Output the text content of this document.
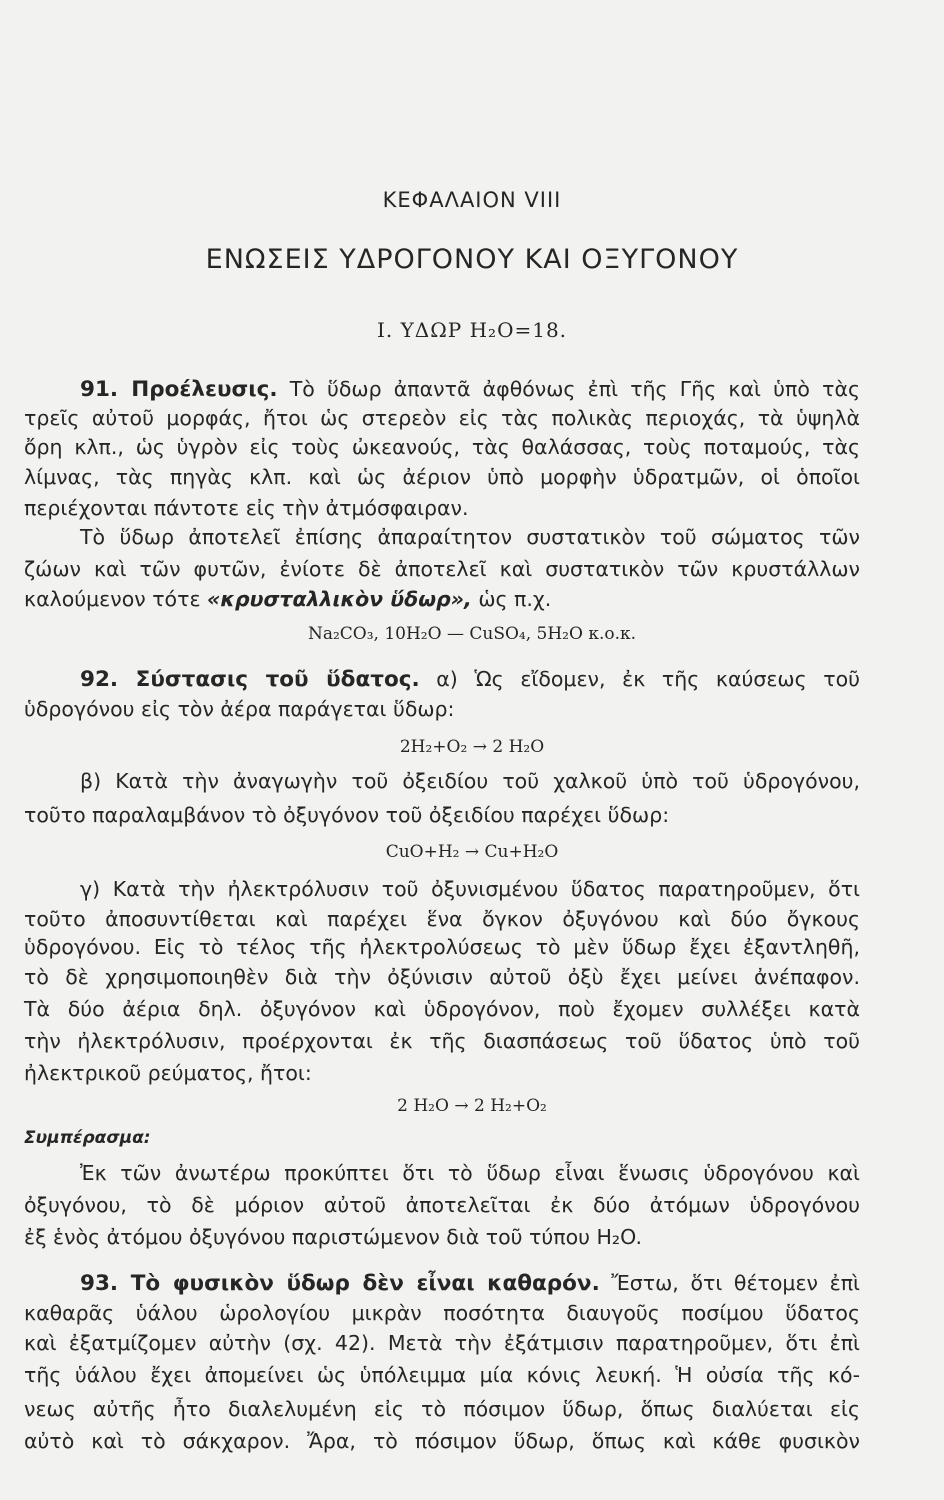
ΚΕΦΑΛΑΙΟΝ VIII
ΕΝΩΣΕΙΣ ΥΔΡΟΓΟΝΟΥ ΚΑΙ ΟΞΥΓΟΝΟΥ
Ι. ΥΔΩΡ H₂O=18.
91. Προέλευσις. Τὸ ὕδωρ ἀπαντᾶ ἀφθόνως ἐπὶ τῆς Γῆς καὶ ὑπὸ τὰς
τρεῖς αὐτοῦ μορφάς, ἤτοι ὡς στερεὸν εἰς τὰς πολικὰς περιοχάς, τὰ ὑψηλὰ
ὄρη κλπ., ὡς ὑγρὸν εἰς τοὺς ὠκεανούς, τὰς θαλάσσας, τοὺς ποταμούς, τὰς
λίμνας, τὰς πηγὰς κλπ. καὶ ὡς ἀέριον ὑπὸ μορφὴν ὑδρατμῶν, οἱ ὁποῖοι
περιέχονται πάντοτε εἰς τὴν ἀτμόσφαιραν.
Τὸ ὕδωρ ἀποτελεῖ ἐπίσης ἀπαραίτητον συστατικὸν τοῦ σώματος τῶν
ζώων καὶ τῶν φυτῶν, ἐνίοτε δὲ ἀποτελεῖ καὶ συστατικὸν τῶν κρυστάλλων
καλούμενον τότε «κρυσταλλικὸν ὕδωρ», ὡς π.χ.
Na₂CO₃, 10H₂O — CuSO₄, 5H₂O κ.ο.κ.
92. Σύστασις τοῦ ὕδατος. α) Ὡς εἴδομεν, ἐκ τῆς καύσεως τοῦ
ὑδρογόνου εἰς τὸν ἀέρα παράγεται ὕδωρ:
2H₂+O₂ → 2 H₂O
β) Κατὰ τὴν ἀναγωγὴν τοῦ ὀξειδίου τοῦ χαλκοῦ ὑπὸ τοῦ ὑδρογόνου,
τοῦτο παραλαμβάνον τὸ ὀξυγόνον τοῦ ὀξειδίου παρέχει ὕδωρ:
CuO+H₂ → Cu+H₂O
γ) Κατὰ τὴν ἠλεκτρόλυσιν τοῦ ὀξυνισμένου ὕδατος παρατηροῦμεν, ὅτι
τοῦτο ἀποσυντίθεται καὶ παρέχει ἕνα ὄγκον ὀξυγόνου καὶ δύο ὄγκους
ὑδρογόνου. Εἰς τὸ τέλος τῆς ἠλεκτρολύσεως τὸ μὲν ὕδωρ ἔχει ἐξαντληθῆ,
τὸ δὲ χρησιμοποιηθὲν διὰ τὴν ὀξύνισιν αὐτοῦ ὀξὺ ἔχει μείνει ἀνέπαφον.
Τὰ δύο ἀέρια δηλ. ὀξυγόνον καὶ ὑδρογόνον, ποὺ ἔχομεν συλλέξει κατὰ
τὴν ἠλεκτρόλυσιν, προέρχονται ἐκ τῆς διασπάσεως τοῦ ὕδατος ὑπὸ τοῦ
ἠλεκτρικοῦ ρεύματος, ἤτοι:
2 H₂O → 2 H₂+O₂
Συμπέρασμα:
Ἐκ τῶν ἀνωτέρω προκύπτει ὅτι τὸ ὕδωρ εἶναι ἕνωσις ὑδρογόνου καὶ
ὀξυγόνου, τὸ δὲ μόριον αὐτοῦ ἀποτελεῖται ἐκ δύο ἀτόμων ὑδρογόνου
ἐξ ἑνὸς ἀτόμου ὀξυγόνου παριστώμενον διὰ τοῦ τύπου H₂O.
93. Τὸ φυσικὸν ὕδωρ δὲν εἶναι καθαρόν. Ἔστω, ὅτι θέτομεν ἐπὶ
καθαρᾶς ὑάλου ὡρολογίου μικρὰν ποσότητα διαυγοῦς ποσίμου ὕδατος
καὶ ἐξατμίζομεν αὐτὴν (σχ. 42). Μετὰ τὴν ἐξάτμισιν παρατηροῦμεν, ὅτι ἐπὶ
τῆς ὑάλου ἔχει ἀπομείνει ὡς ὑπόλειμμα μία κόνις λευκή. Ἡ οὐσία τῆς κό-
νεως αὐτῆς ἦτο διαλελυμένη εἰς τὸ πόσιμον ὕδωρ, ὅπως διαλύεται εἰς
αὐτὸ καὶ τὸ σάκχαρον. Ἄρα, τὸ πόσιμον ὕδωρ, ὅπως καὶ κάθε φυσικὸν
